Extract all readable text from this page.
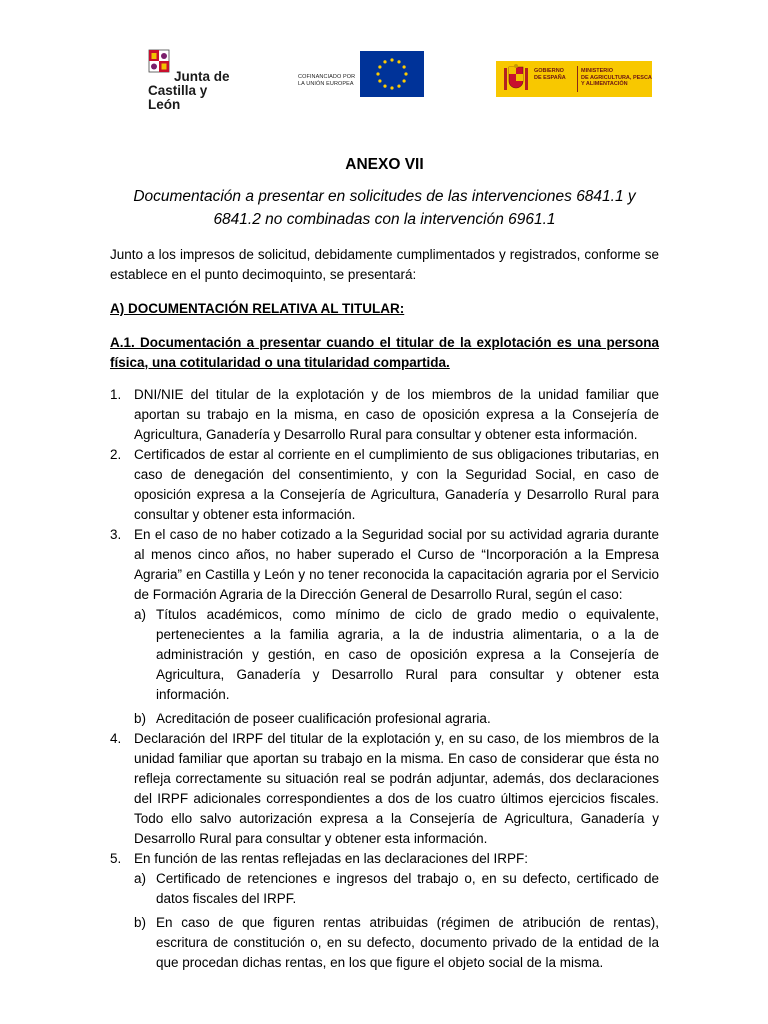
Junta de
Castilla y León
COFINANCIADO POR
LA UNIÓN EUROPEA
GOBIERNO
DE ESPAÑA
MINISTERIO
DE AGRICULTURA, PESCA
Y ALIMENTACIÓN

ANEXO VII

Documentación a presentar en solicitudes de las intervenciones 6841.1 y 6841.2 no combinadas con la intervención 6961.1

Junto a los impresos de solicitud, debidamente cumplimentados y registrados, conforme se establece en el punto decimoquinto, se presentará:

A) DOCUMENTACIÓN RELATIVA AL TITULAR:

A.1. Documentación a presentar cuando el titular de la explotación es una persona física, una cotitularidad o una titularidad compartida.

1. DNI/NIE del titular de la explotación y de los miembros de la unidad familiar que aportan su trabajo en la misma, en caso de oposición expresa a la Consejería de Agricultura, Ganadería y Desarrollo Rural para consultar y obtener esta información.
2. Certificados de estar al corriente en el cumplimiento de sus obligaciones tributarias, en caso de denegación del consentimiento, y con la Seguridad Social, en caso de oposición expresa a la Consejería de Agricultura, Ganadería y Desarrollo Rural para consultar y obtener esta información.
3. En el caso de no haber cotizado a la Seguridad social por su actividad agraria durante al menos cinco años, no haber superado el Curso de “Incorporación a la Empresa Agraria” en Castilla y León y no tener reconocida la capacitación agraria por el Servicio de Formación Agraria de la Dirección General de Desarrollo Rural, según el caso:
a) Títulos académicos, como mínimo de ciclo de grado medio o equivalente, pertenecientes a la familia agraria, a la de industria alimentaria, o a la de administración y gestión, en caso de oposición expresa a la Consejería de Agricultura, Ganadería y Desarrollo Rural para consultar y obtener esta información.
b) Acreditación de poseer cualificación profesional agraria.
4. Declaración del IRPF del titular de la explotación y, en su caso, de los miembros de la unidad familiar que aportan su trabajo en la misma. En caso de considerar que ésta no refleja correctamente su situación real se podrán adjuntar, además, dos declaraciones del IRPF adicionales correspondientes a dos de los cuatro últimos ejercicios fiscales. Todo ello salvo autorización expresa a la Consejería de Agricultura, Ganadería y Desarrollo Rural para consultar y obtener esta información.
5. En función de las rentas reflejadas en las declaraciones del IRPF:
a) Certificado de retenciones e ingresos del trabajo o, en su defecto, certificado de datos fiscales del IRPF.
b) En caso de que figuren rentas atribuidas (régimen de atribución de rentas), escritura de constitución o, en su defecto, documento privado de la entidad de la que procedan dichas rentas, en los que figure el objeto social de la misma.
